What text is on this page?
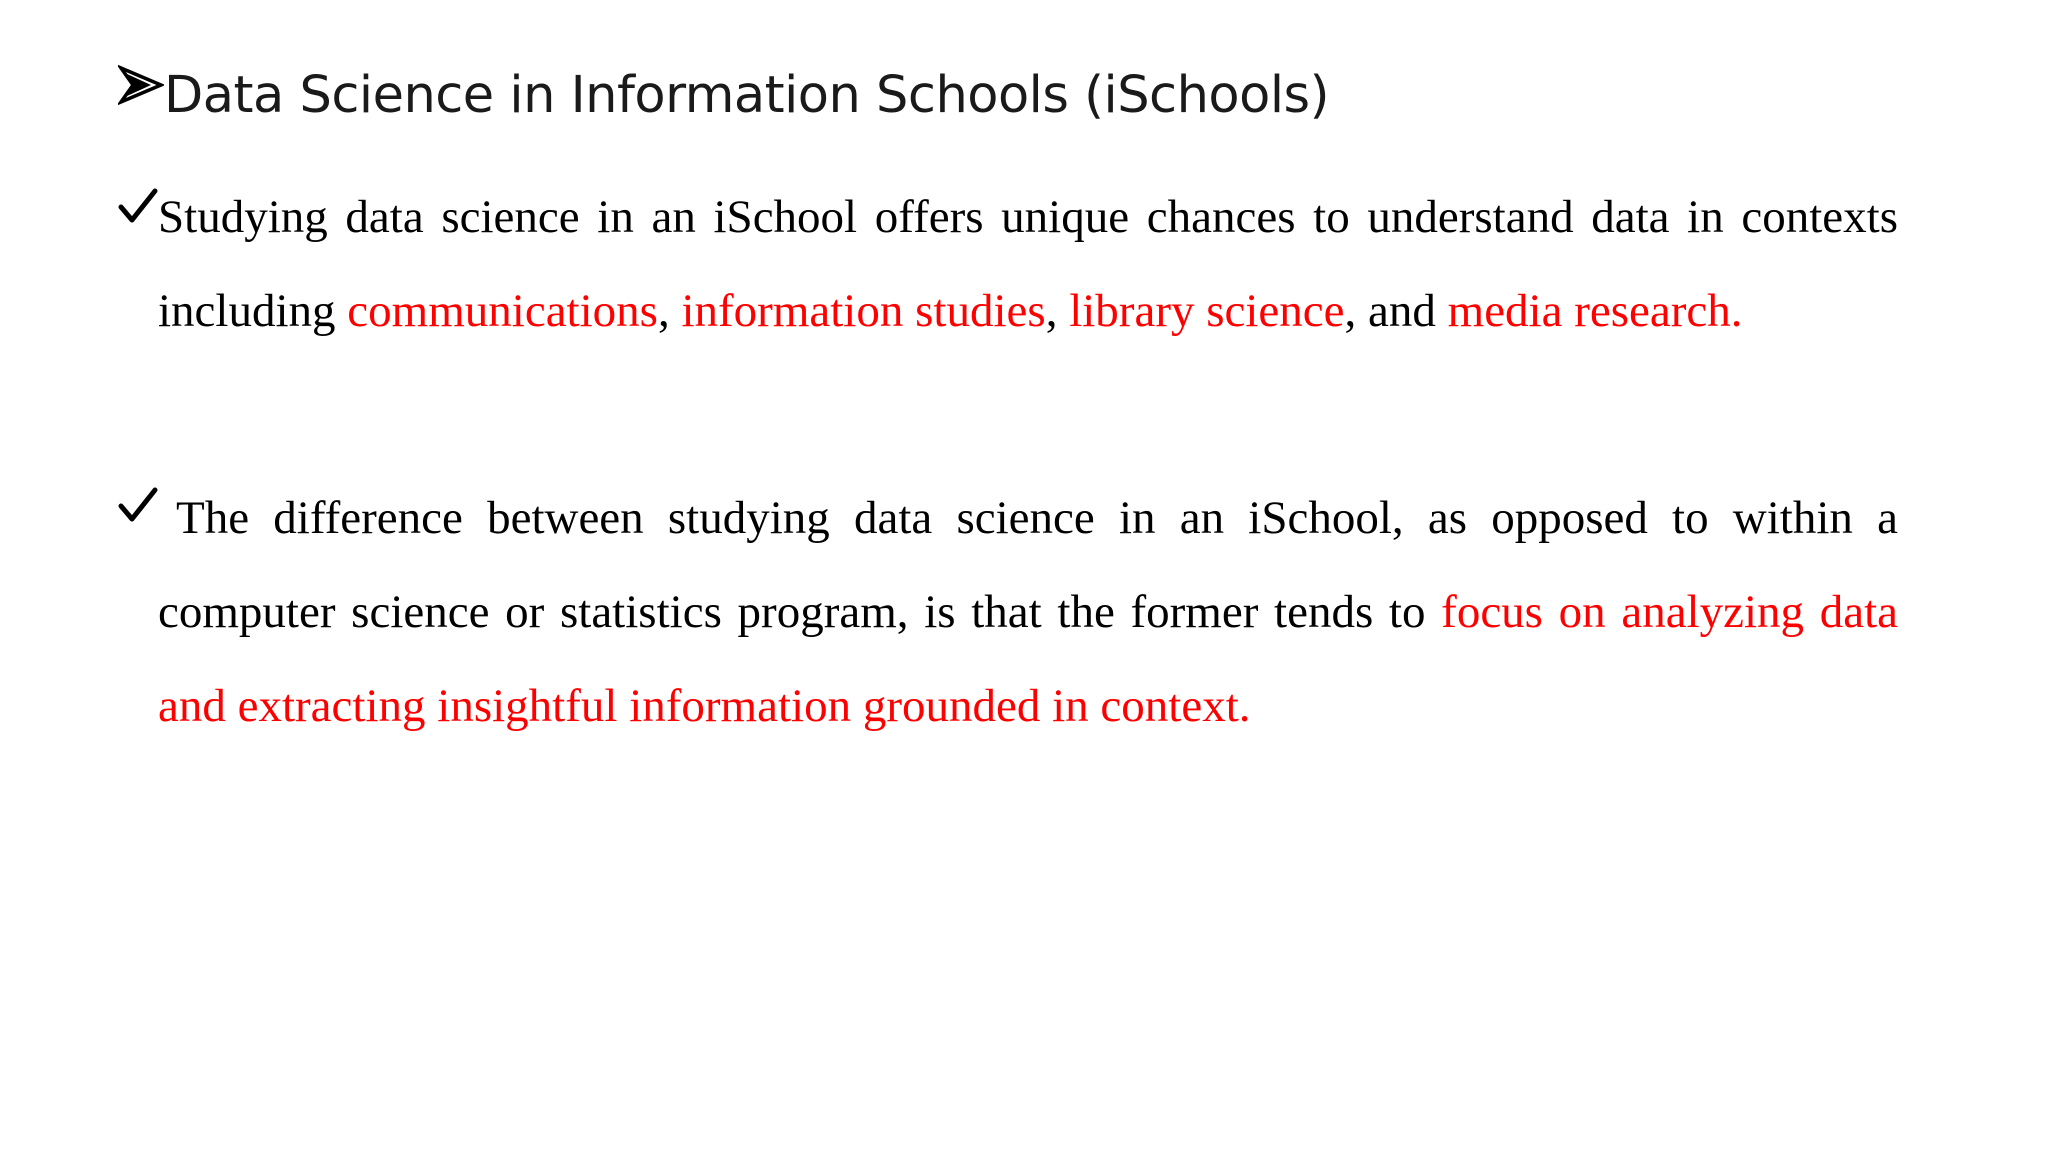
Data Science in Information Schools (iSchools)

Studying data science in an iSchool offers unique chances to understand data in contexts including communications, information studies, library science, and media research.

The difference between studying data science in an iSchool, as opposed to within a computer science or statistics program, is that the former tends to focus on analyzing data and extracting insightful information grounded in context.
